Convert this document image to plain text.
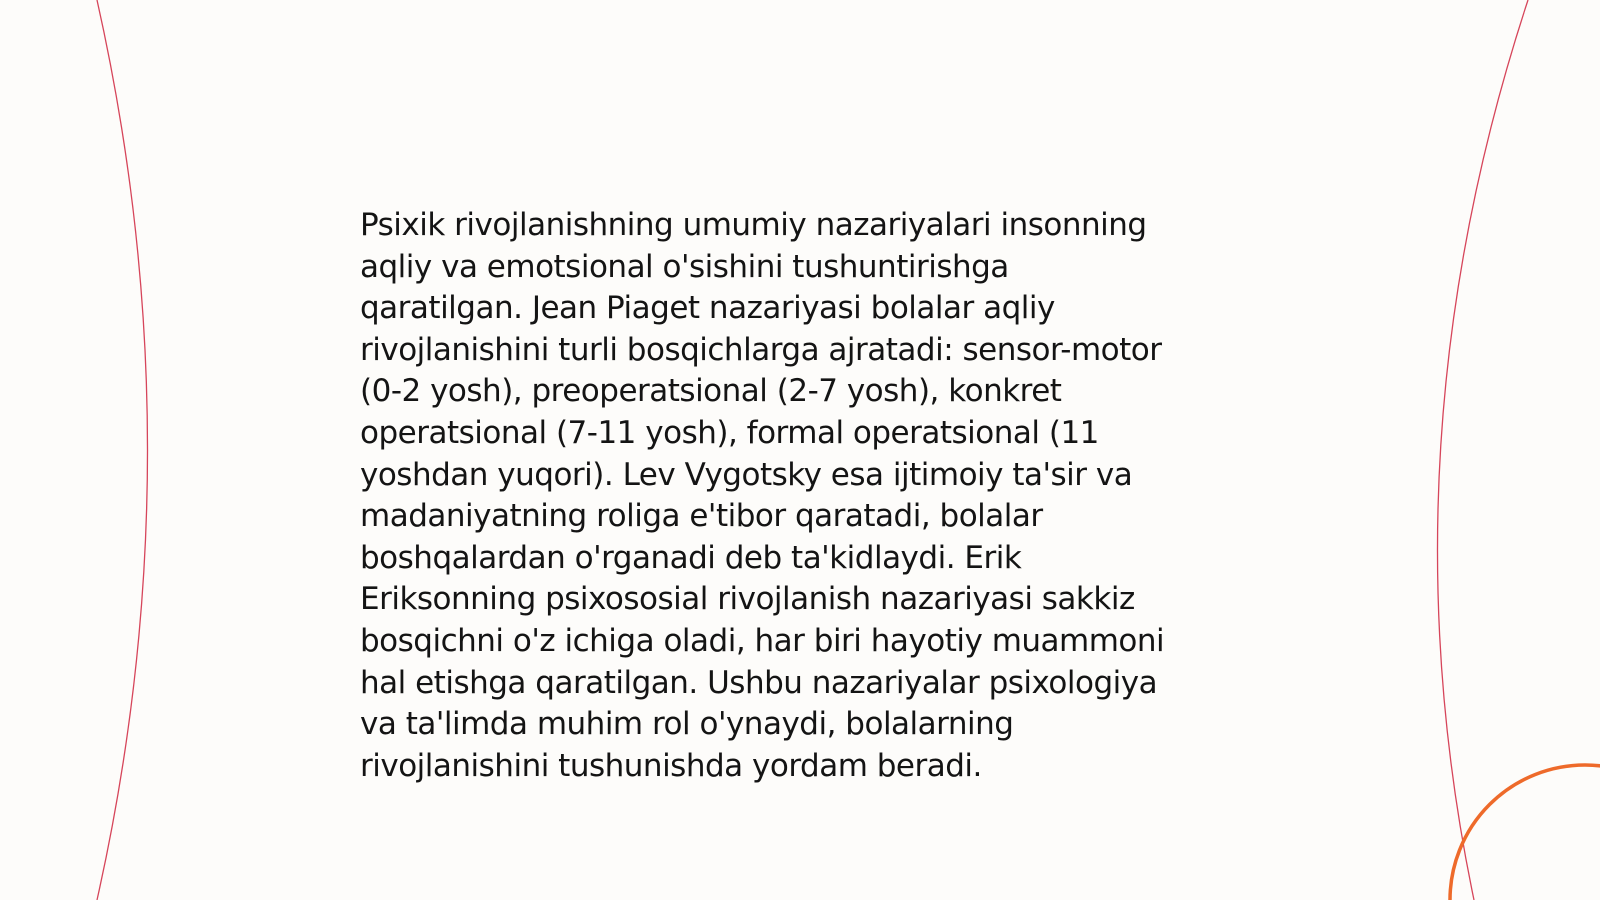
Psixik rivojlanishning umumiy nazariyalari insonning
aqliy va emotsional o'sishini tushuntirishga
qaratilgan. Jean Piaget nazariyasi bolalar aqliy
rivojlanishini turli bosqichlarga ajratadi: sensor-motor
(0-2 yosh), preoperatsional (2-7 yosh), konkret
operatsional (7-11 yosh), formal operatsional (11
yoshdan yuqori). Lev Vygotsky esa ijtimoiy ta'sir va
madaniyatning roliga e'tibor qaratadi, bolalar
boshqalardan o'rganadi deb ta'kidlaydi. Erik
Eriksonning psixososial rivojlanish nazariyasi sakkiz
bosqichni o'z ichiga oladi, har biri hayotiy muammoni
hal etishga qaratilgan. Ushbu nazariyalar psixologiya
va ta'limda muhim rol o'ynaydi, bolalarning
rivojlanishini tushunishda yordam beradi.
